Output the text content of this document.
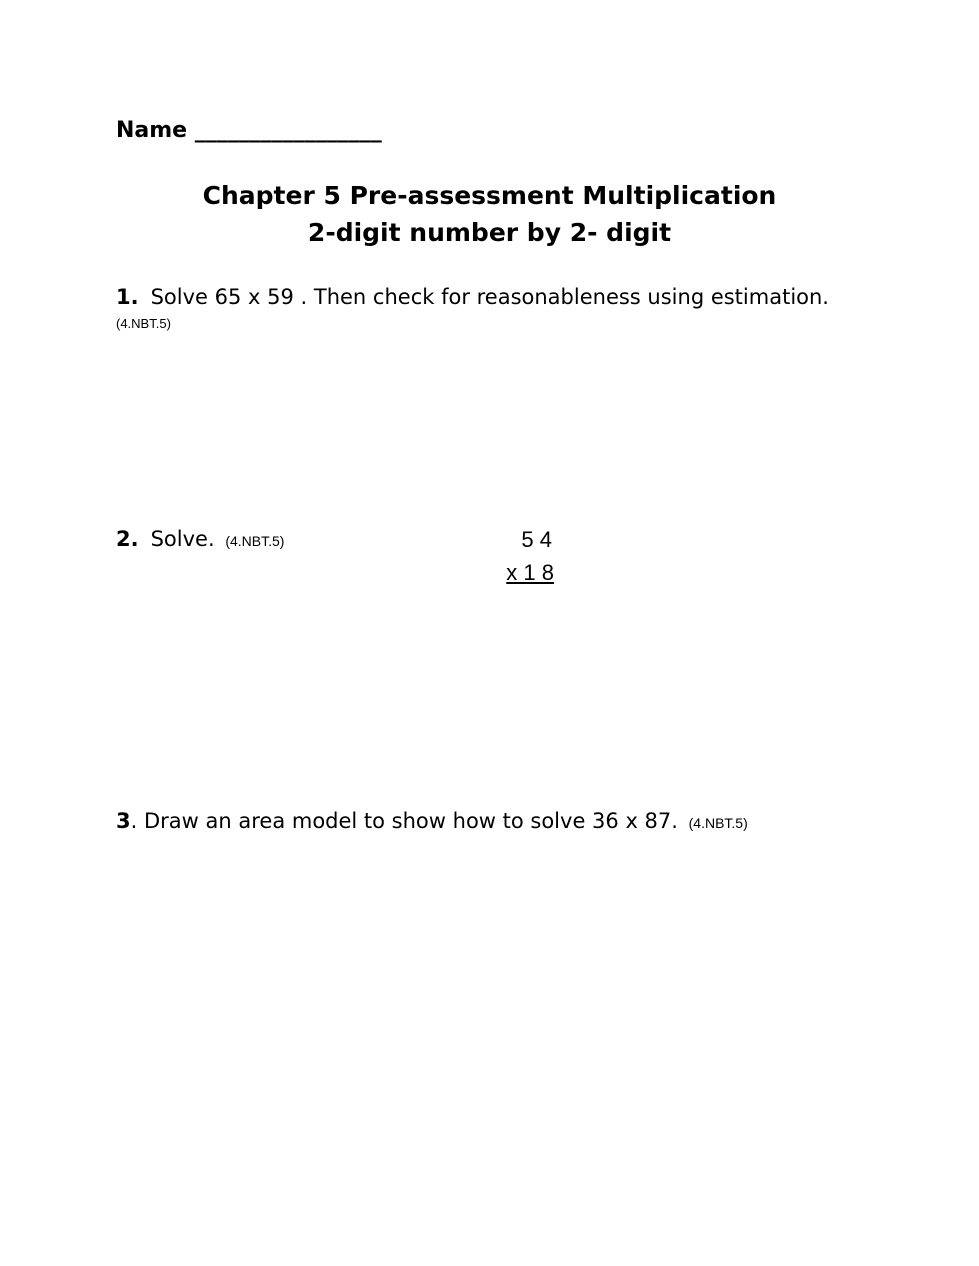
Name _________________
Chapter 5 Pre-assessment Multiplication
2-digit number by 2- digit
1. Solve 65 x 59 . Then check for reasonableness using estimation.
(4.NBT.5)
2. Solve. (4.NBT.5)	5 4
x 1 8
3. Draw an area model to show how to solve 36 x 87. (4.NBT.5)
